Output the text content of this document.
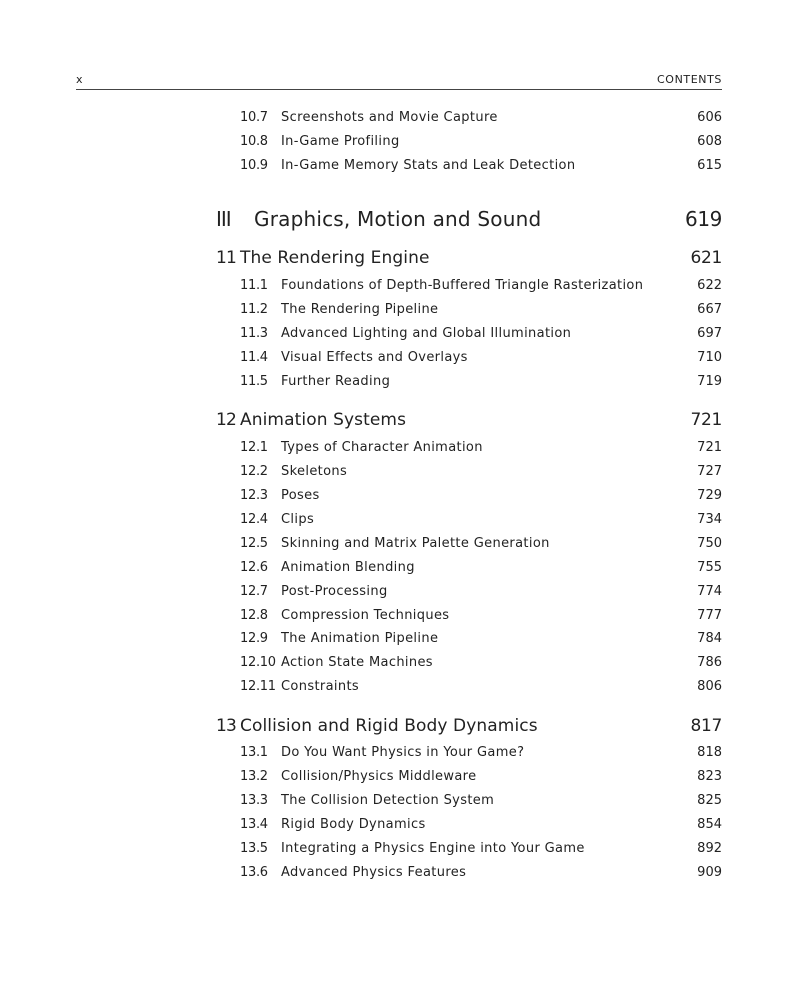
x	CONTENTS
10.7 Screenshots and Movie Capture	606
10.8 In-Game Profiling	608
10.9 In-Game Memory Stats and Leak Detection	615
III Graphics, Motion and Sound	619
11 The Rendering Engine	621
11.1 Foundations of Depth-Buffered Triangle Rasterization	622
11.2 The Rendering Pipeline	667
11.3 Advanced Lighting and Global Illumination	697
11.4 Visual Effects and Overlays	710
11.5 Further Reading	719
12 Animation Systems	721
12.1 Types of Character Animation	721
12.2 Skeletons	727
12.3 Poses	729
12.4 Clips	734
12.5 Skinning and Matrix Palette Generation	750
12.6 Animation Blending	755
12.7 Post-Processing	774
12.8 Compression Techniques	777
12.9 The Animation Pipeline	784
12.10 Action State Machines	786
12.11 Constraints	806
13 Collision and Rigid Body Dynamics	817
13.1 Do You Want Physics in Your Game?	818
13.2 Collision/Physics Middleware	823
13.3 The Collision Detection System	825
13.4 Rigid Body Dynamics	854
13.5 Integrating a Physics Engine into Your Game	892
13.6 Advanced Physics Features	909
